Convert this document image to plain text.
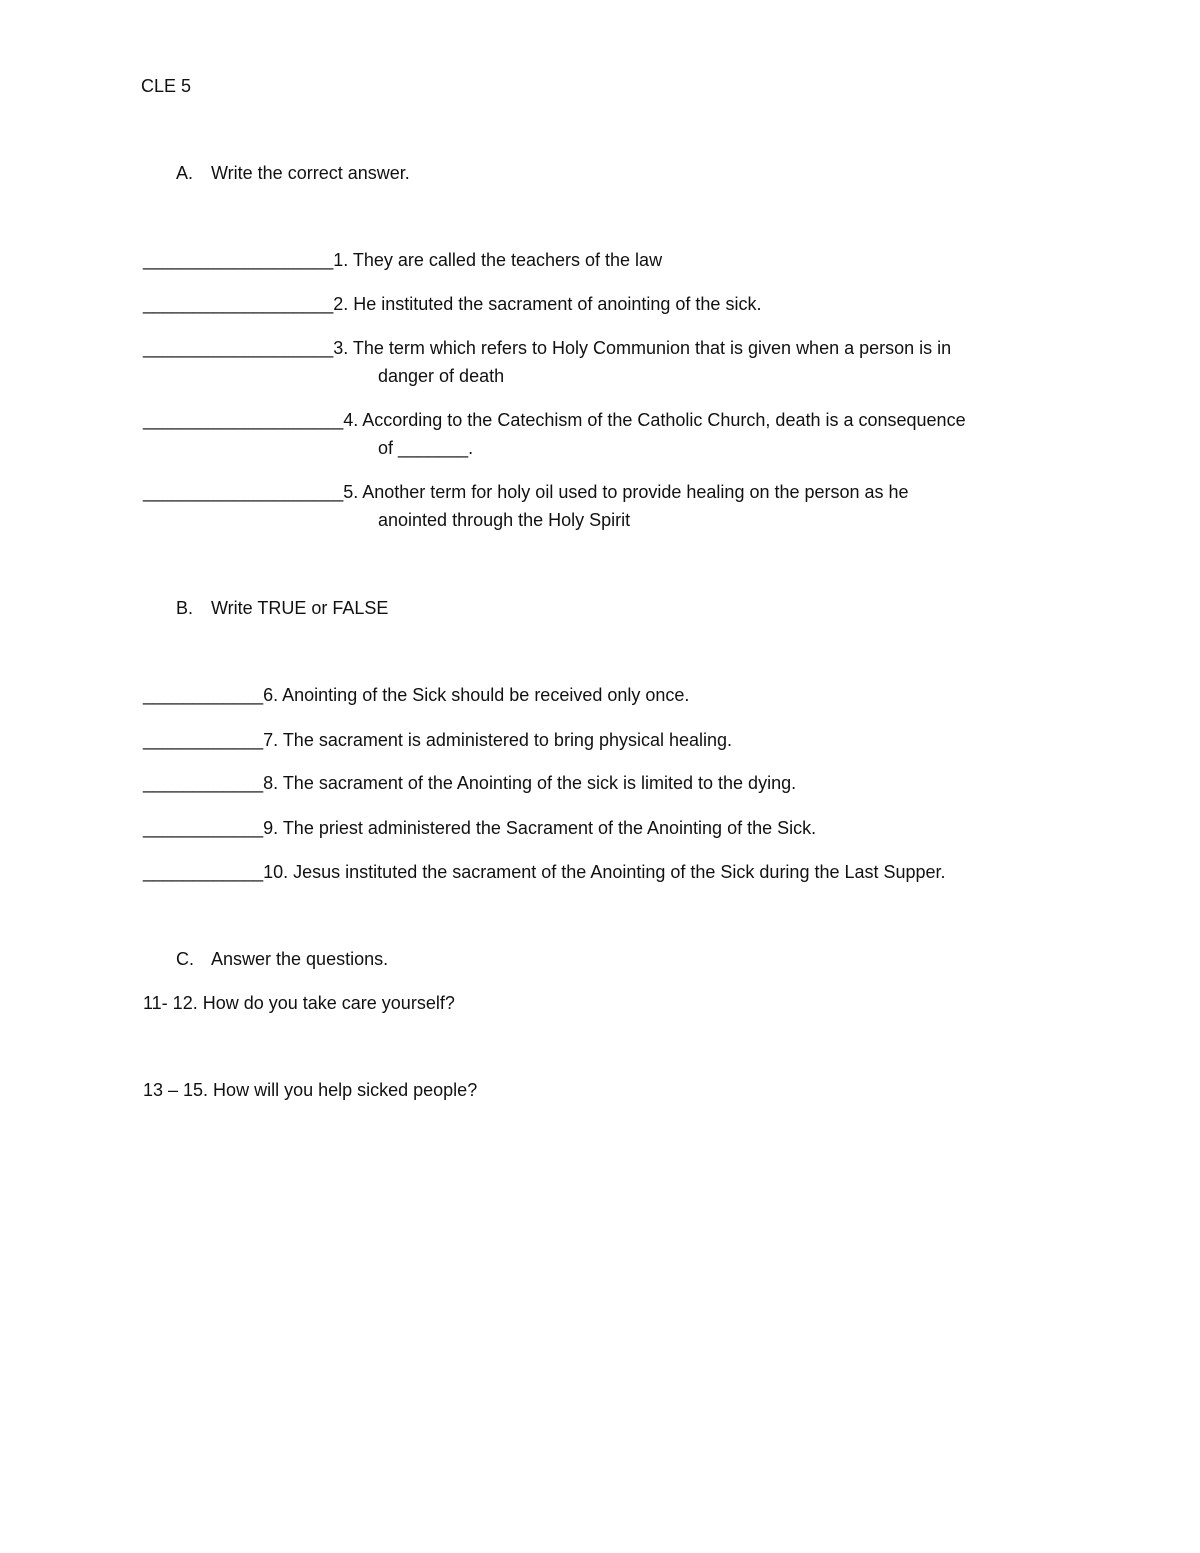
CLE 5
A. Write the correct answer.
___________________1. They are called the teachers of the law
___________________2. He instituted the sacrament of anointing of the sick.
___________________3. The term which refers to Holy Communion that is given when a person is in
danger of death
____________________4. According to the Catechism of the Catholic Church, death is a consequence
of _______.
____________________5. Another term for holy oil used to provide healing on the person as he
anointed through the Holy Spirit
B. Write TRUE or FALSE
____________6. Anointing of the Sick should be received only once.
____________7. The sacrament is administered to bring physical healing.
____________8. The sacrament of the Anointing of the sick is limited to the dying.
____________9. The priest administered the Sacrament of the Anointing of the Sick.
____________10. Jesus instituted the sacrament of the Anointing of the Sick during the Last Supper.
C. Answer the questions.
11- 12. How do you take care yourself?
13 – 15. How will you help sicked people?
